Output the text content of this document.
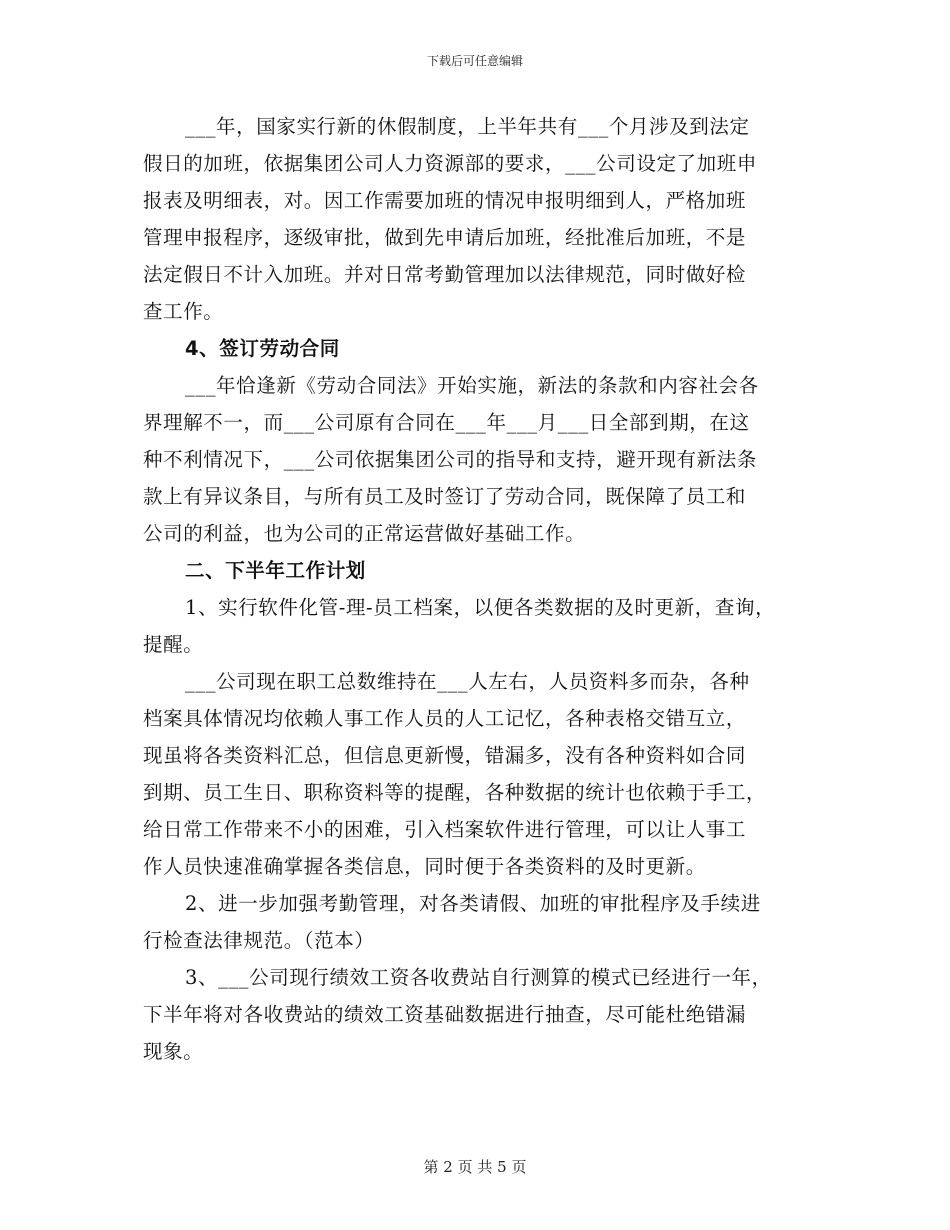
下载后可任意编辑
___年，国家实行新的休假制度，上半年共有___个月涉及到法定
假日的加班，依据集团公司人力资源部的要求，___公司设定了加班申
报表及明细表，对。因工作需要加班的情况申报明细到人，严格加班
管理申报程序，逐级审批，做到先申请后加班，经批准后加班，不是
法定假日不计入加班。并对日常考勤管理加以法律规范，同时做好检
查工作。
4、签订劳动合同
___年恰逢新《劳动合同法》开始实施，新法的条款和内容社会各
界理解不一，而___公司原有合同在___年___月___日全部到期，在这
种不利情况下，___公司依据集团公司的指导和支持，避开现有新法条
款上有异议条目，与所有员工及时签订了劳动合同，既保障了员工和
公司的利益，也为公司的正常运营做好基础工作。
二、下半年工作计划
1、实行软件化管-理-员工档案，以便各类数据的及时更新，查询，
提醒。
___公司现在职工总数维持在___人左右，人员资料多而杂，各种
档案具体情况均依赖人事工作人员的人工记忆，各种表格交错互立，
现虽将各类资料汇总，但信息更新慢，错漏多，没有各种资料如合同
到期、员工生日、职称资料等的提醒，各种数据的统计也依赖于手工，
给日常工作带来不小的困难，引入档案软件进行管理，可以让人事工
作人员快速准确掌握各类信息，同时便于各类资料的及时更新。
2、进一步加强考勤管理，对各类请假、加班的审批程序及手续进
行检查法律规范。（范本）
3、___公司现行绩效工资各收费站自行测算的模式已经进行一年，
下半年将对各收费站的绩效工资基础数据进行抽查，尽可能杜绝错漏
现象。
第 2 页 共 5 页
